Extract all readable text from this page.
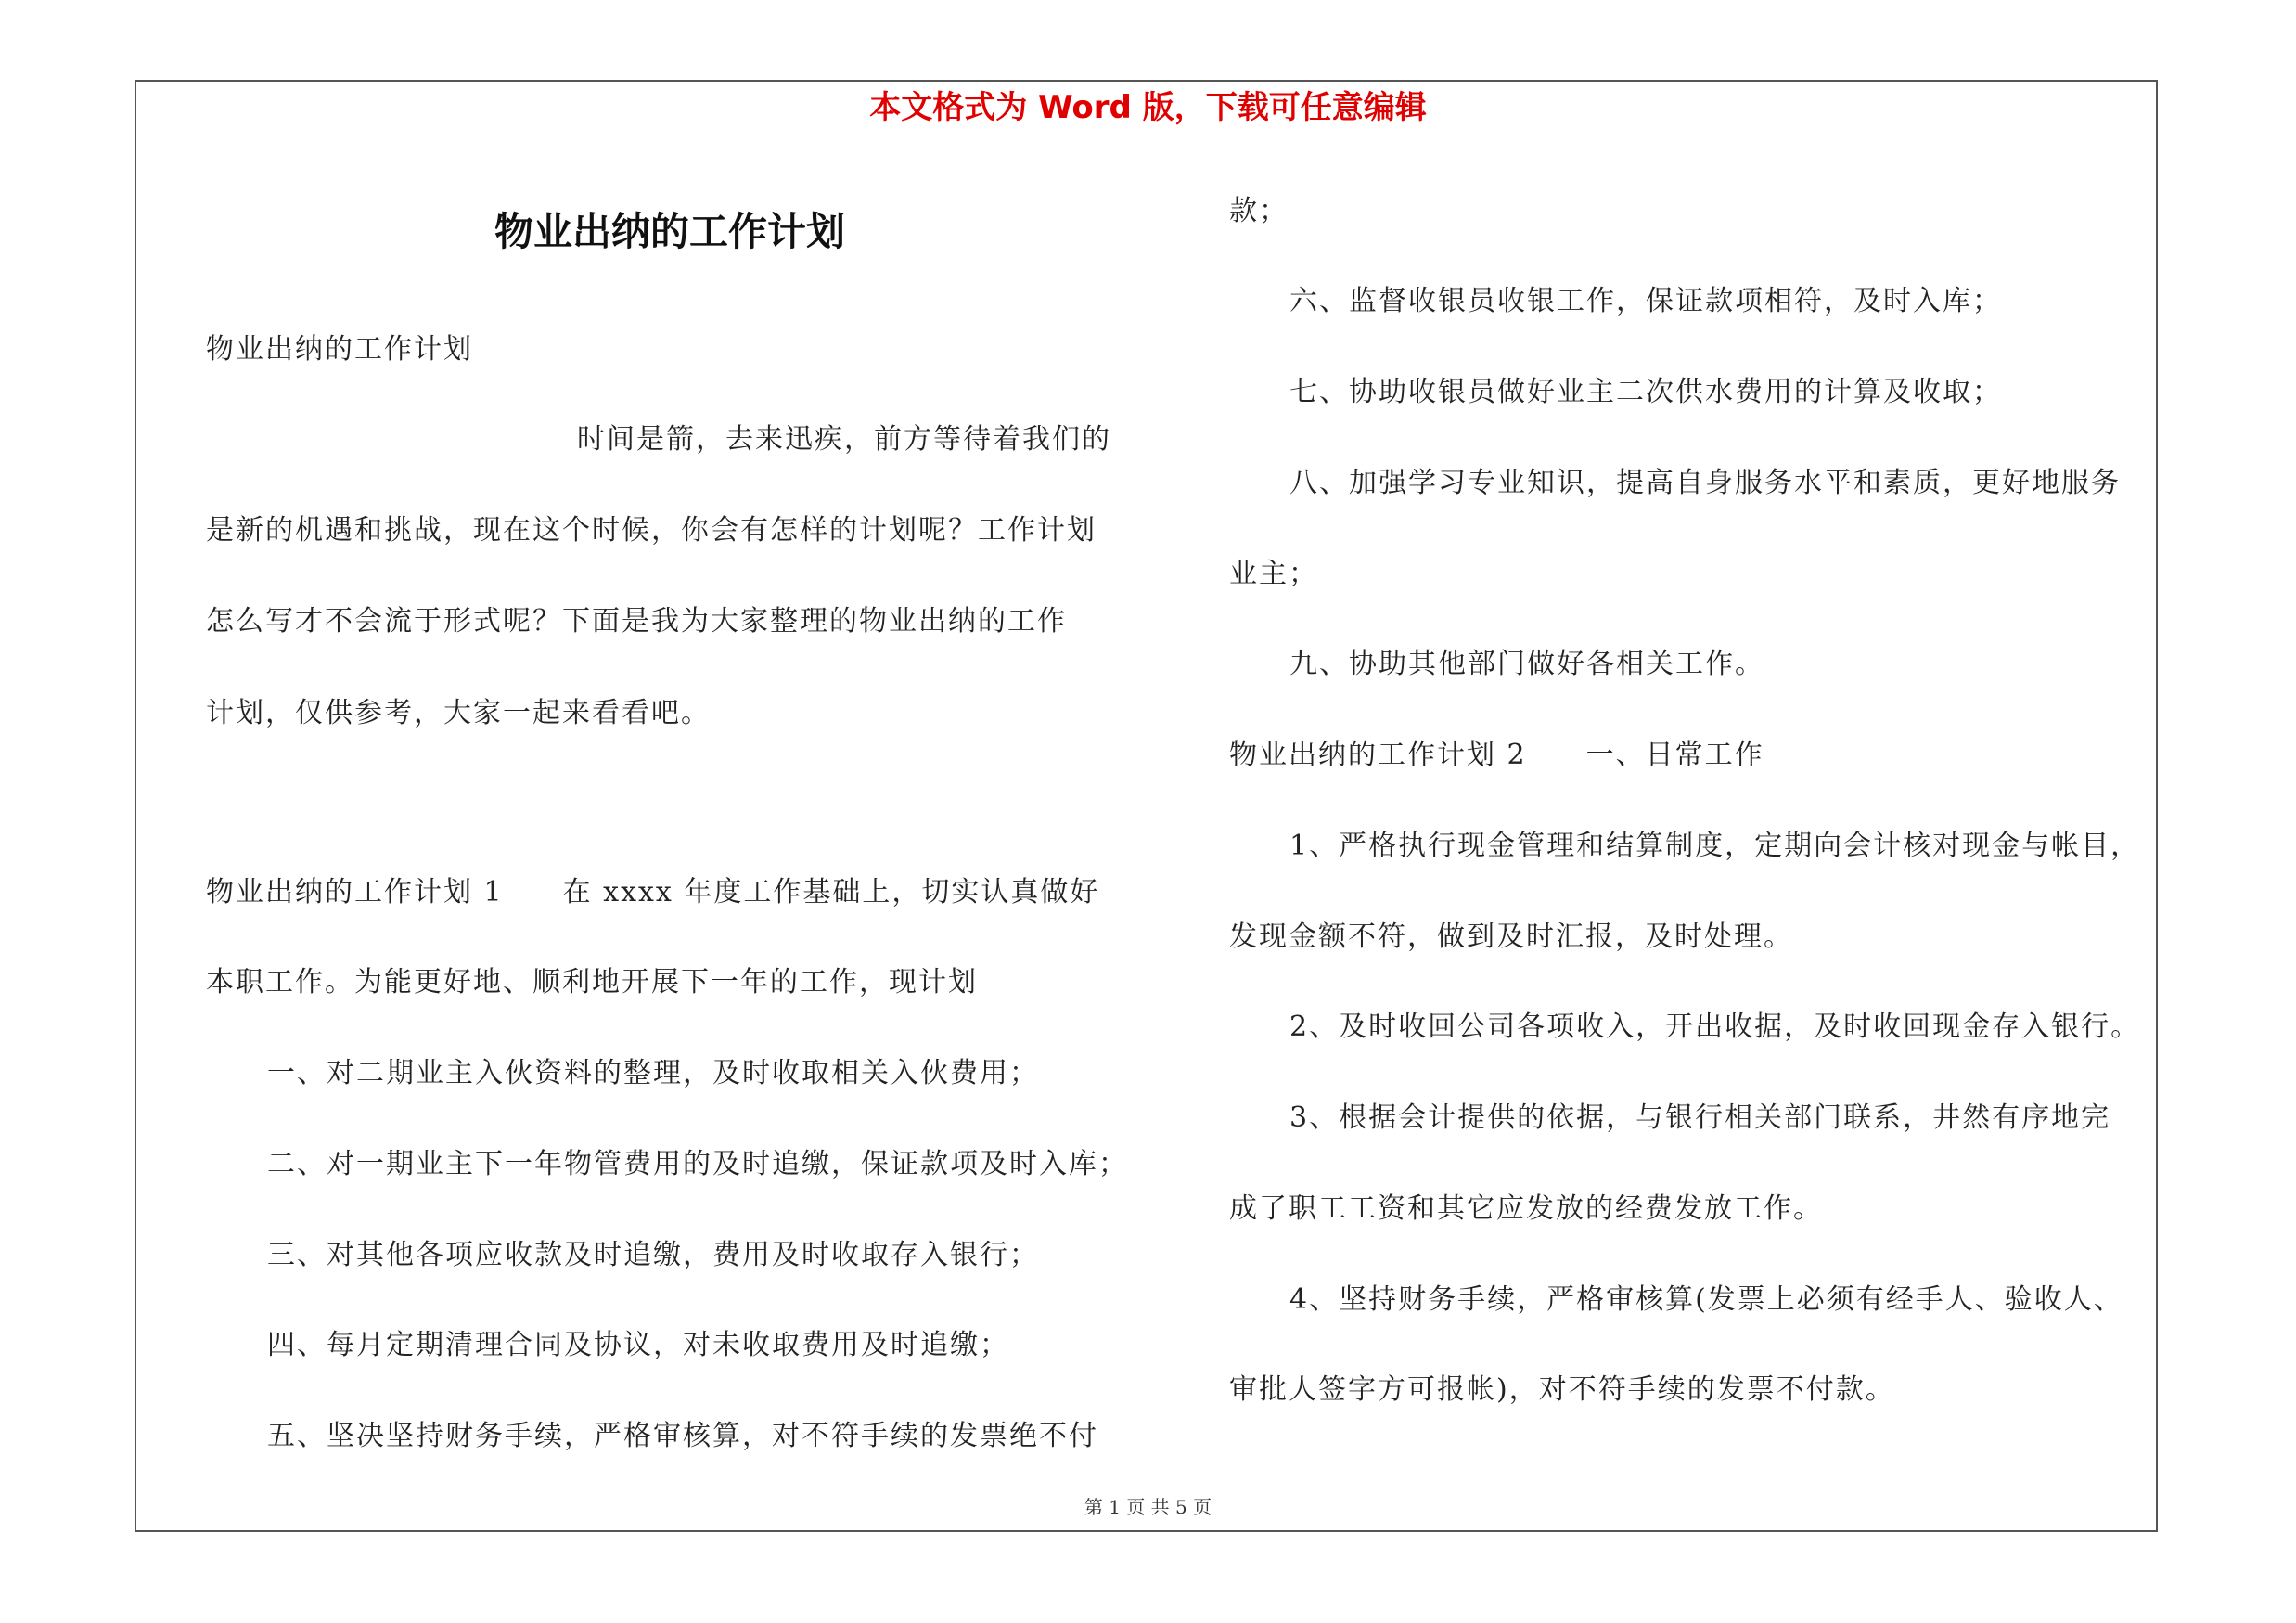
本文格式为 Word 版，下载可任意编辑
物业出纳的工作计划
物业出纳的工作计划
时间是箭，去来迅疾，前方等待着我们的
是新的机遇和挑战，现在这个时候，你会有怎样的计划呢？工作计划
怎么写才不会流于形式呢？下面是我为大家整理的物业出纳的工作
计划，仅供参考，大家一起来看看吧。
物业出纳的工作计划 1　　在 xxxx 年度工作基础上，切实认真做好
本职工作。为能更好地、顺利地开展下一年的工作，现计划
一、对二期业主入伙资料的整理，及时收取相关入伙费用；
二、对一期业主下一年物管费用的及时追缴，保证款项及时入库；
三、对其他各项应收款及时追缴，费用及时收取存入银行；
四、每月定期清理合同及协议，对未收取费用及时追缴；
五、坚决坚持财务手续，严格审核算，对不符手续的发票绝不付
款；
六、监督收银员收银工作，保证款项相符，及时入库；
七、协助收银员做好业主二次供水费用的计算及收取；
八、加强学习专业知识，提高自身服务水平和素质，更好地服务
业主；
九、协助其他部门做好各相关工作。
物业出纳的工作计划 2　　一、日常工作
1、严格执行现金管理和结算制度，定期向会计核对现金与帐目，
发现金额不符，做到及时汇报，及时处理。
2、及时收回公司各项收入，开出收据，及时收回现金存入银行。
3、根据会计提供的依据，与银行相关部门联系，井然有序地完
成了职工工资和其它应发放的经费发放工作。
4、坚持财务手续，严格审核算(发票上必须有经手人、验收人、
审批人签字方可报帐)，对不符手续的发票不付款。
第 1 页 共 5 页
